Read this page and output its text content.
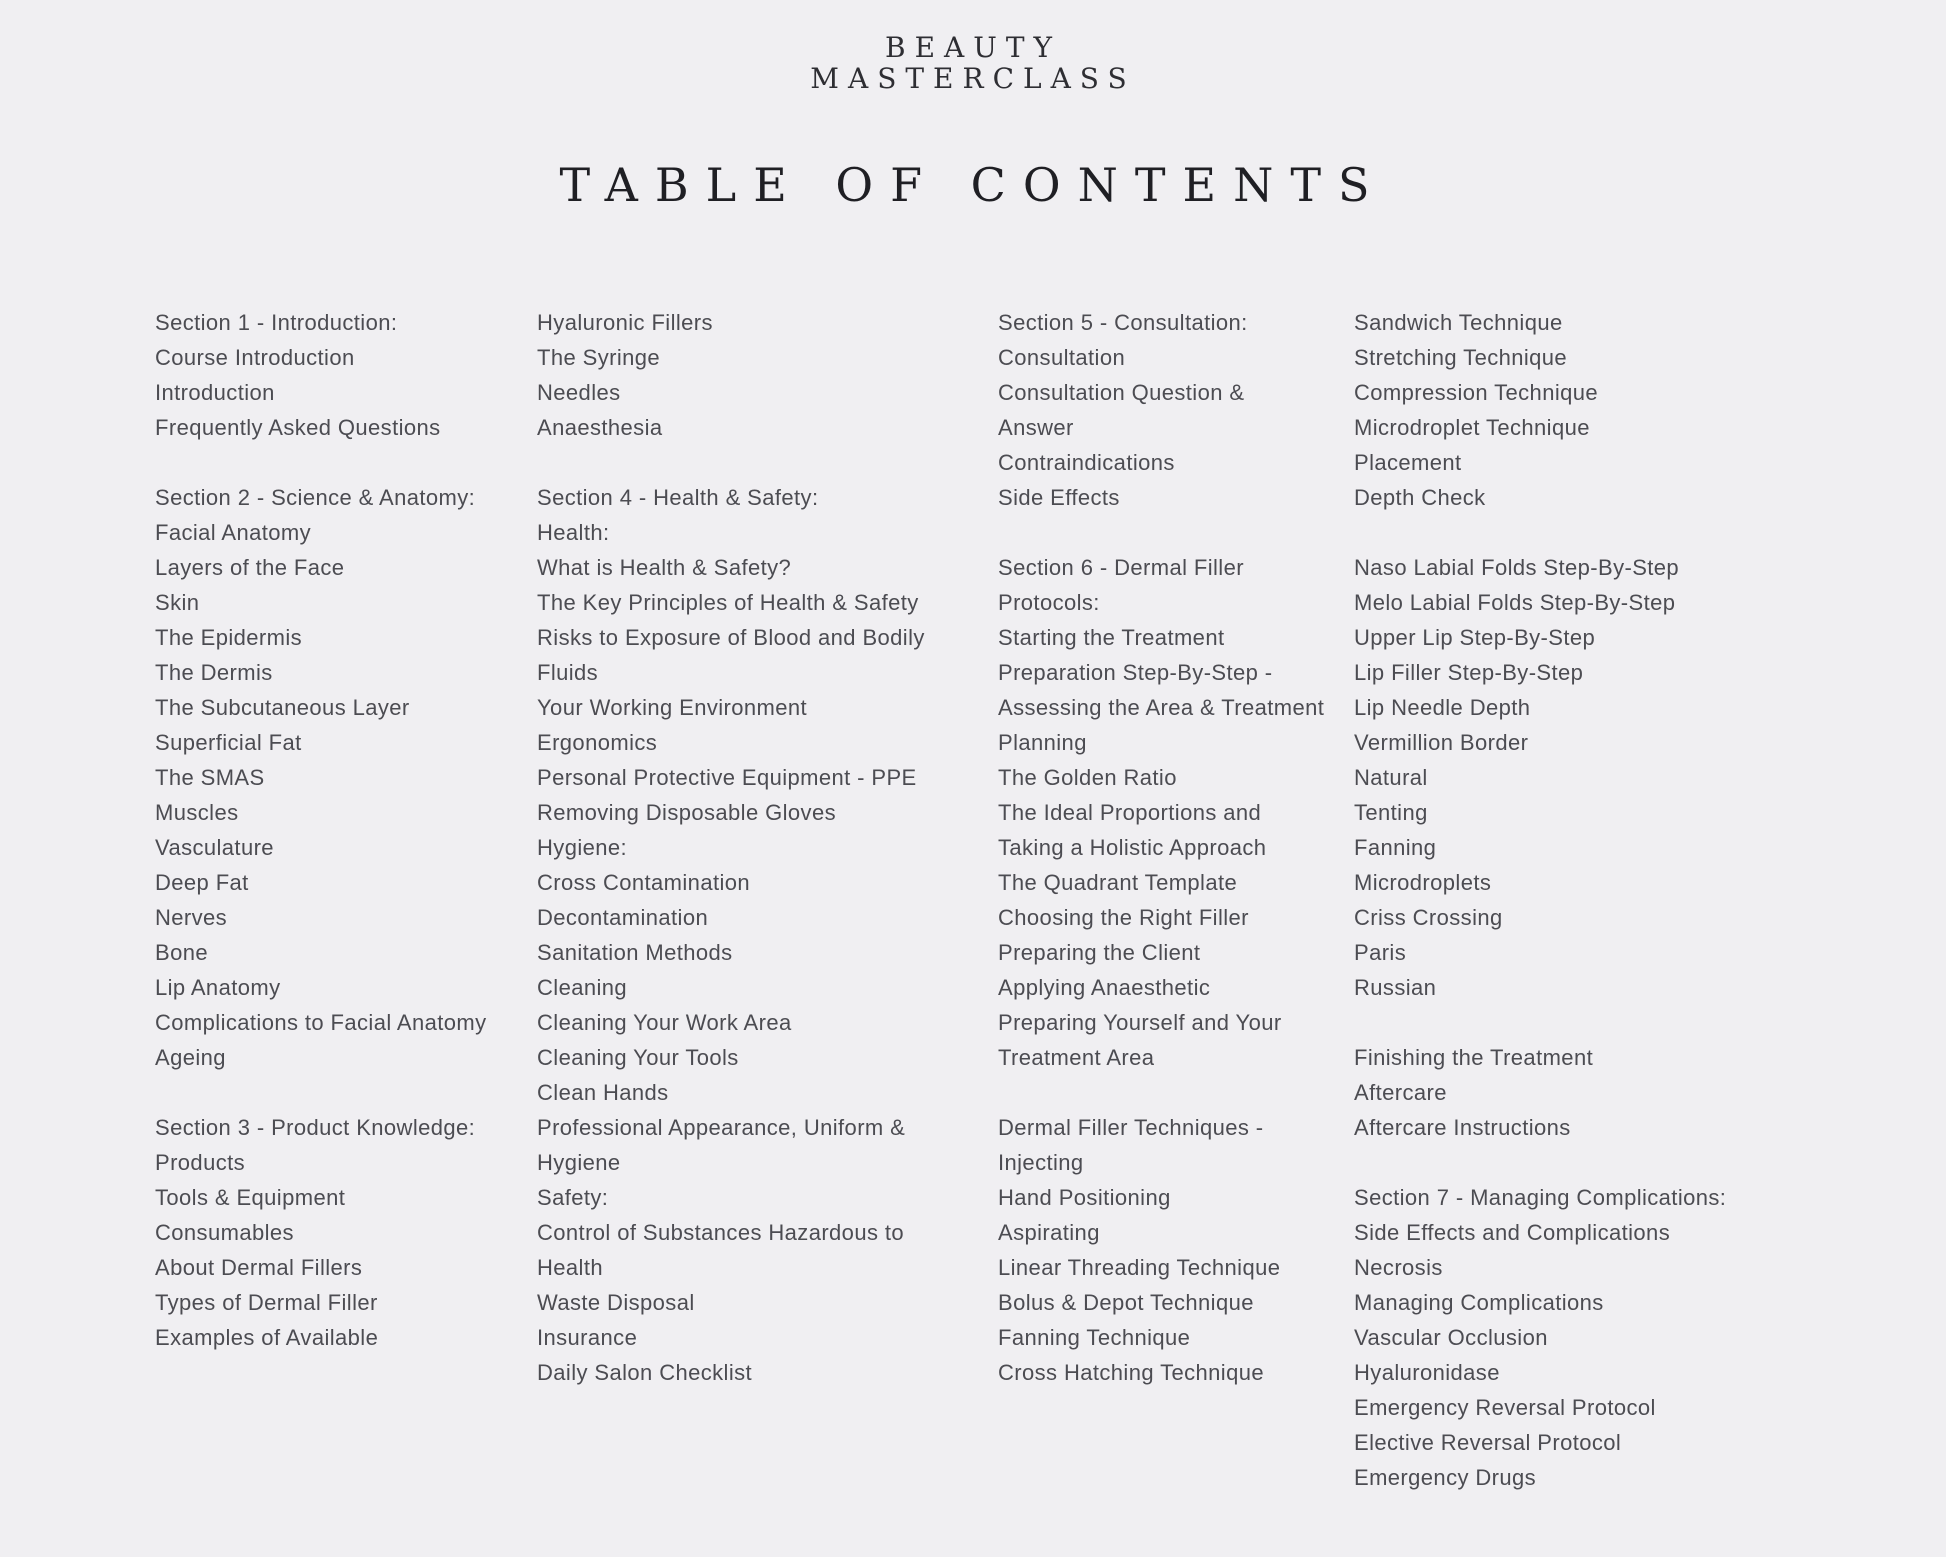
BEAUTY
MASTERCLASS
TABLE OF CONTENTS
Section 1 - Introduction:
Course Introduction
Introduction
Frequently Asked Questions
Section 2 - Science & Anatomy:
Facial Anatomy
Layers of the Face
Skin
The Epidermis
The Dermis
The Subcutaneous Layer
Superficial Fat
The SMAS
Muscles
Vasculature
Deep Fat
Nerves
Bone
Lip Anatomy
Complications to Facial Anatomy
Ageing
Section 3 - Product Knowledge:
Products
Tools & Equipment
Consumables
About Dermal Fillers
Types of Dermal Filler
Examples of Available
Hyaluronic Fillers
The Syringe
Needles
Anaesthesia
Section 4 - Health & Safety:
Health:
What is Health & Safety?
The Key Principles of Health & Safety
Risks to Exposure of Blood and Bodily
Fluids
Your Working Environment
Ergonomics
Personal Protective Equipment - PPE
Removing Disposable Gloves
Hygiene:
Cross Contamination
Decontamination
Sanitation Methods
Cleaning
Cleaning Your Work Area
Cleaning Your Tools
Clean Hands
Professional Appearance, Uniform &
Hygiene
Safety:
Control of Substances Hazardous to
Health
Waste Disposal
Insurance
Daily Salon Checklist
Section 5 - Consultation:
Consultation
Consultation Question &
Answer
Contraindications
Side Effects
Section 6 - Dermal Filler
Protocols:
Starting the Treatment
Preparation Step-By-Step -
Assessing the Area & Treatment
Planning
The Golden Ratio
The Ideal Proportions and
Taking a Holistic Approach
The Quadrant Template
Choosing the Right Filler
Preparing the Client
Applying Anaesthetic
Preparing Yourself and Your
Treatment Area
Dermal Filler Techniques -
Injecting
Hand Positioning
Aspirating
Linear Threading Technique
Bolus & Depot Technique
Fanning Technique
Cross Hatching Technique
Sandwich Technique
Stretching Technique
Compression Technique
Microdroplet Technique
Placement
Depth Check
Naso Labial Folds Step-By-Step
Melo Labial Folds Step-By-Step
Upper Lip Step-By-Step
Lip Filler Step-By-Step
Lip Needle Depth
Vermillion Border
Natural
Tenting
Fanning
Microdroplets
Criss Crossing
Paris
Russian
Finishing the Treatment
Aftercare
Aftercare Instructions
Section 7 - Managing Complications:
Side Effects and Complications
Necrosis
Managing Complications
Vascular Occlusion
Hyaluronidase
Emergency Reversal Protocol
Elective Reversal Protocol
Emergency Drugs
